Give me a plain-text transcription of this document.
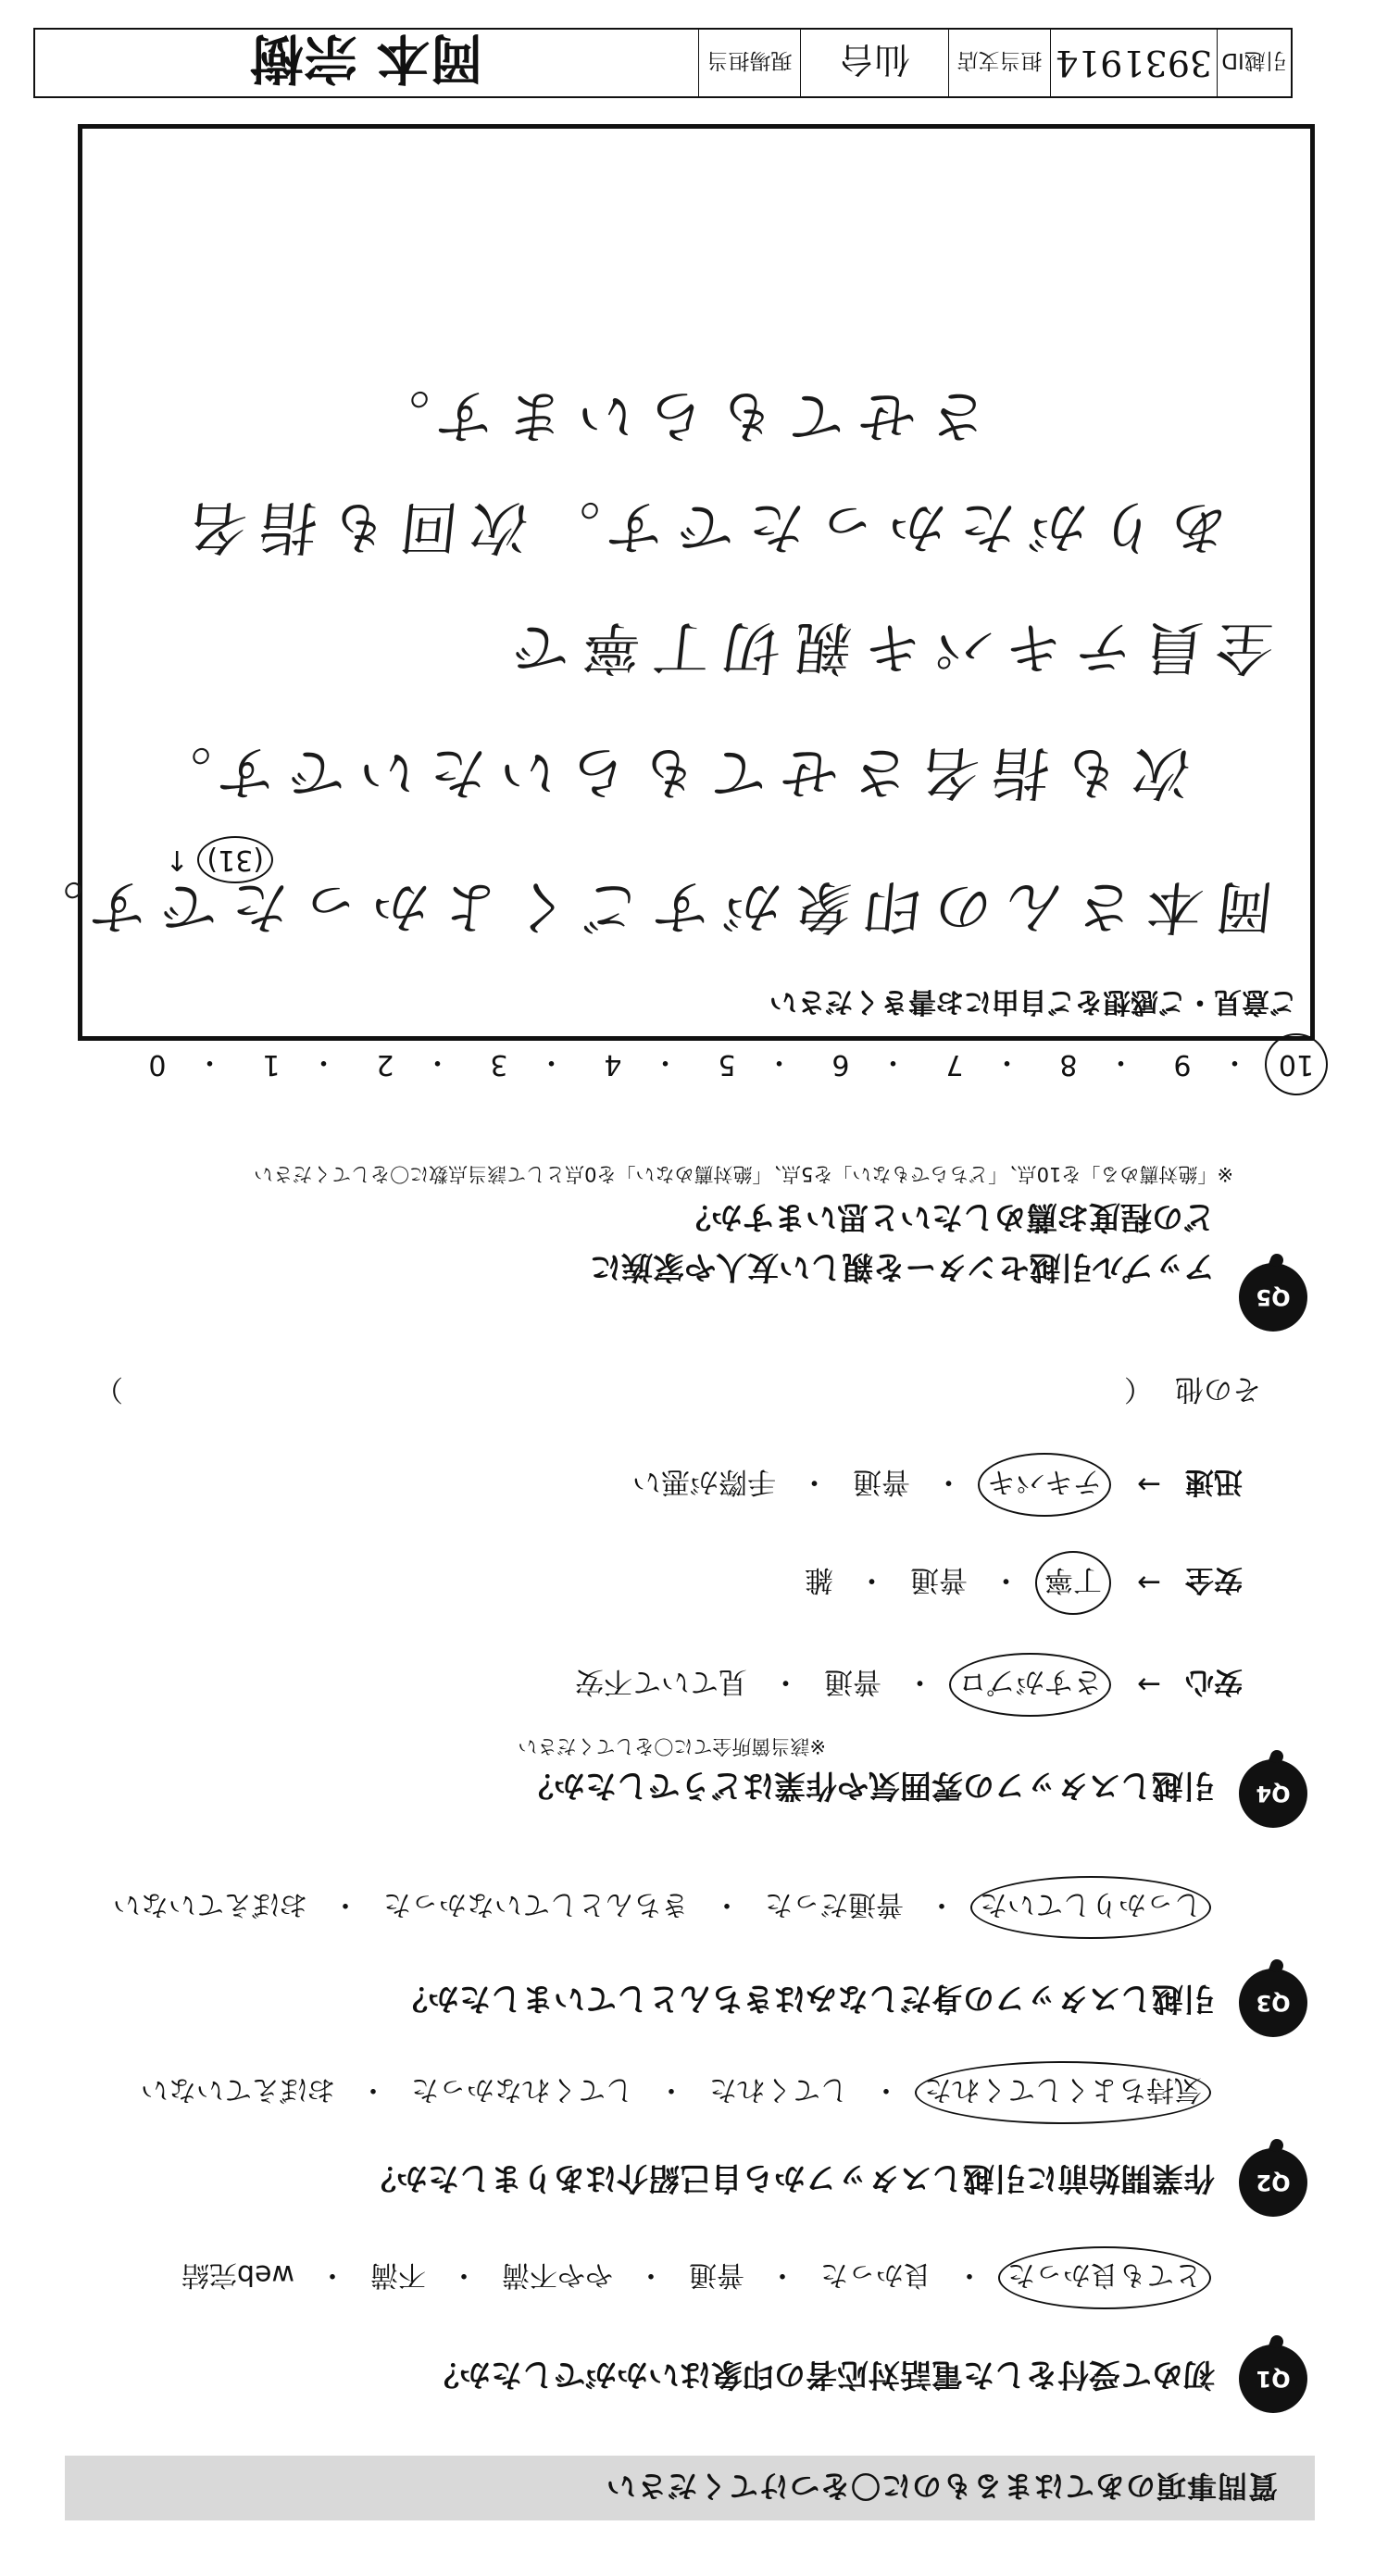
質問事項のあてはまるものに〇をつけてください
Q1
初めて受付をした電話対応者の印象はいかがでしたか？
とても良かった
・
良かった
・
普通
・
やや不満
・
不満
・
web完結
Q2
作業開始前に引越しスタッフから自己紹介はありましたか？
気持ちよくしてくれた
・
してくれた
・
してくれなかった
・
おぼえていない
Q3
引越しスタッフの身だしなみはきちんとしていましたか？
しっかりしていた
・
普通だった
・
きちんとしていなかった
・
おぼえていない
Q4
引越しスタッフの雰囲気や作業はどうでしたか？
※該当箇所全てに〇をしてください
安心
→
さすがプロ
・
普通
・
見ていて不安
安全
→
丁寧
・
普通
・
雑
迅速
→
テキパキ
・
普通
・
手際が悪い
その他
（
）
Q5
アップル引越センターを親しい友人や家族に
どの程度お薦めしたいと思いますか？
※「絶対薦める」を10点、「どちらでもない」を5点、「絶対薦めない」を0点として該当点数に〇をしてください
10
・
9
・
8
・
7
・
6
・
5
・
4
・
3
・
2
・
1
・
0
ご意見・ご感想をご自由にお書きください
岡本さんの印象がすごくよかったです。
次も指名させてもらいたいです。
(31) ↑
全員テキパキ親切丁寧で
ありがたかったです。次回も指名
させてもらいます。
引越ID
3931914
担当支店
仙台
現場担当
岡本 宗樹
